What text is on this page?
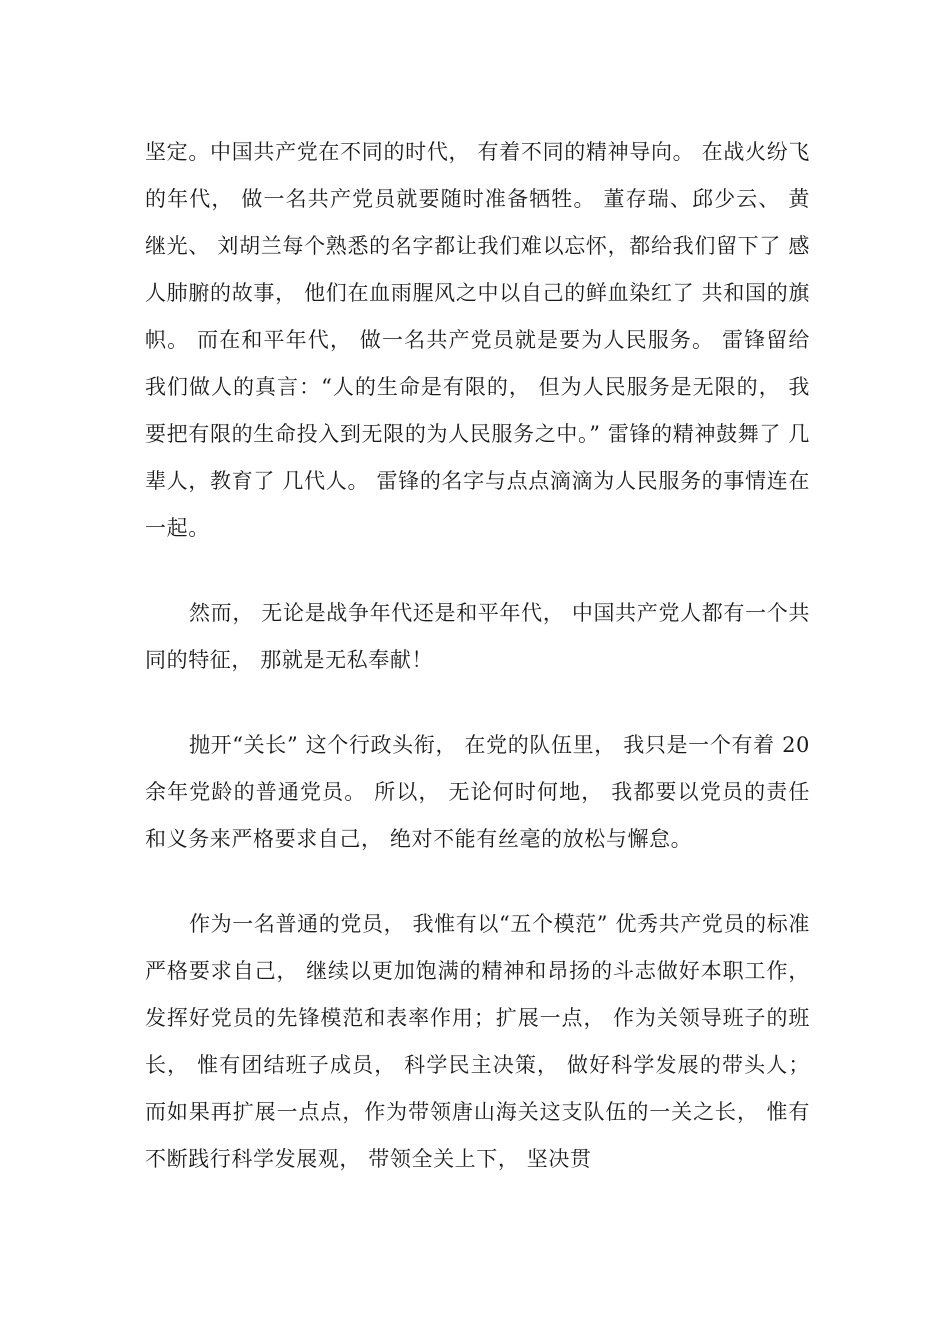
坚定。中国共产党在不同的时代， 有着不同的精神导向。 在战火纷飞的年代， 做一名共产党员就要随时准备牺牲。 董存瑞、邱少云、 黄继光、 刘胡兰每个熟悉的名字都让我们难以忘怀，都给我们留下了 感人肺腑的故事， 他们在血雨腥风之中以自己的鲜血染红了 共和国的旗帜。 而在和平年代， 做一名共产党员就是要为人民服务。 雷锋留给我们做人的真言：“人的生命是有限的， 但为人民服务是无限的， 我要把有限的生命投入到无限的为人民服务之中。” 雷锋的精神鼓舞了 几辈人，教育了 几代人。 雷锋的名字与点点滴滴为人民服务的事情连在一起。

然而， 无论是战争年代还是和平年代， 中国共产党人都有一个共同的特征， 那就是无私奉献！

抛开“关长” 这个行政头衔， 在党的队伍里， 我只是一个有着 20 余年党龄的普通党员。 所以， 无论何时何地， 我都要以党员的责任和义务来严格要求自己， 绝对不能有丝毫的放松与懈怠。

作为一名普通的党员， 我惟有以“五个模范” 优秀共产党员的标准严格要求自己， 继续以更加饱满的精神和昂扬的斗志做好本职工作， 发挥好党员的先锋模范和表率作用；扩展一点， 作为关领导班子的班长， 惟有团结班子成员， 科学民主决策， 做好科学发展的带头人；而如果再扩展一点点，作为带领唐山海关这支队伍的一关之长， 惟有不断践行科学发展观， 带领全关上下， 坚决贯
